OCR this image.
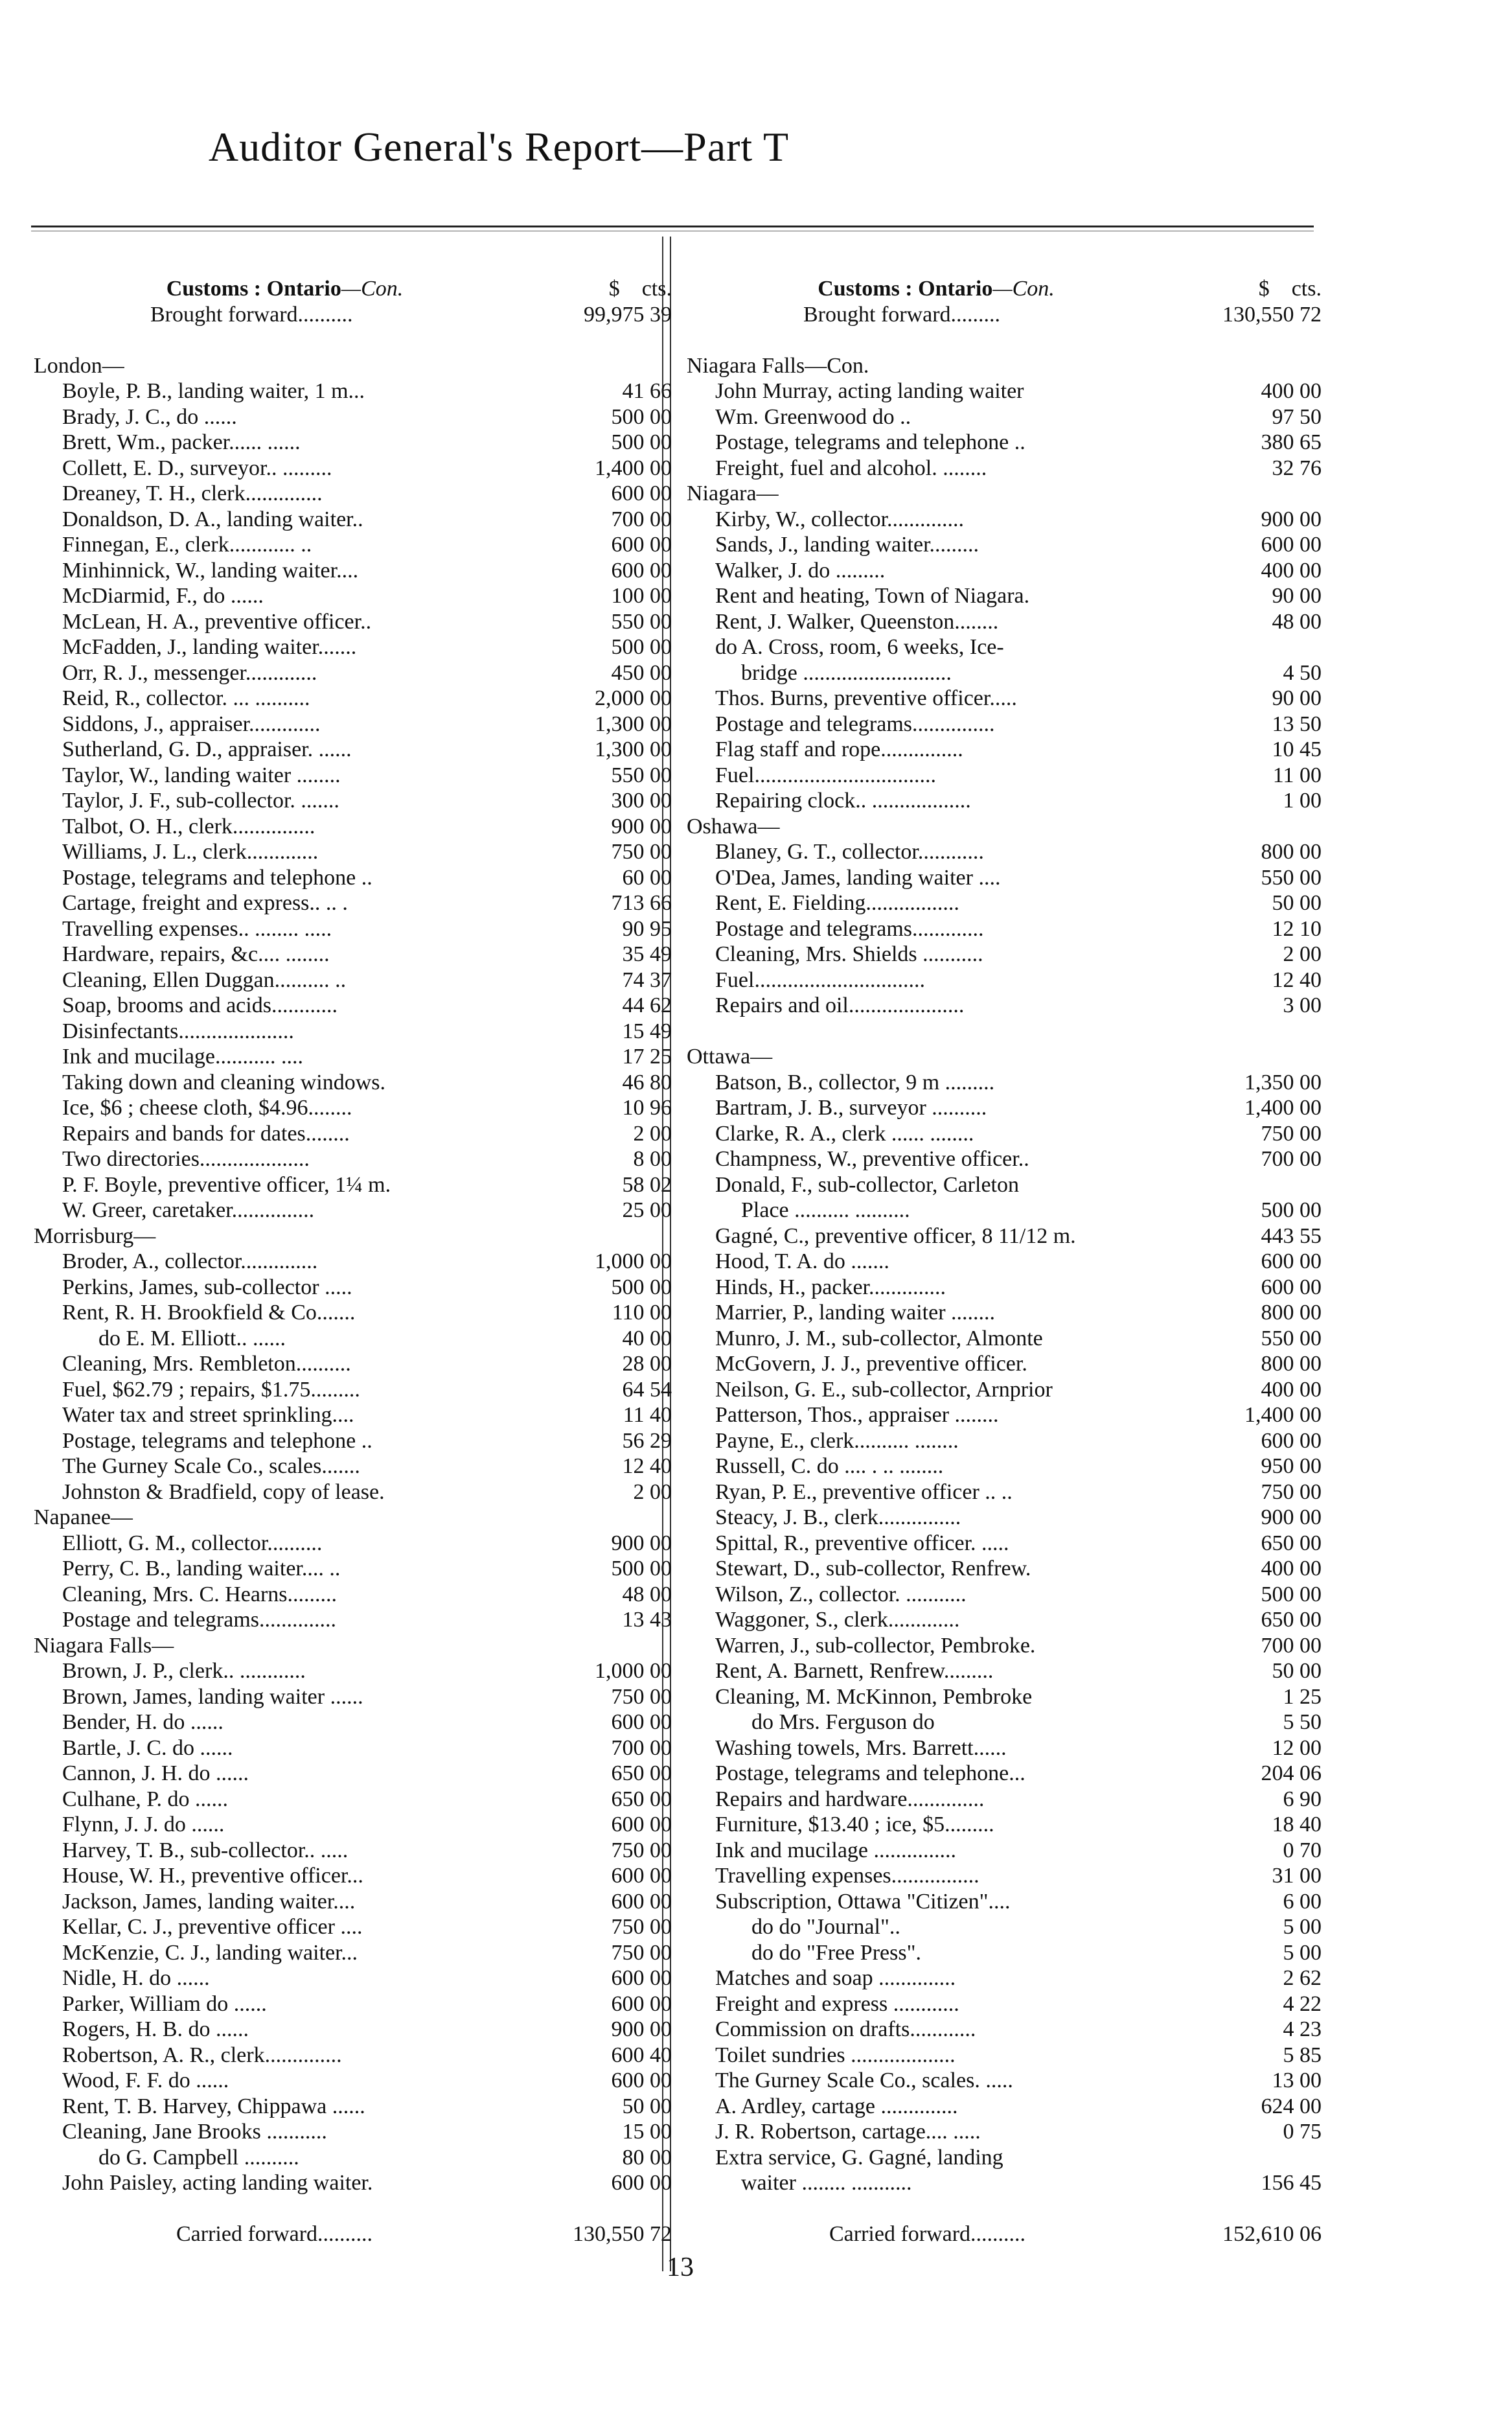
Auditor General's Report—Part T
Customs : Ontario—Con.	$ cts.
Brought forward..........	99,975 39
London—
Boyle, P. B., landing waiter, 1 m...	41 66
Brady, J. C., do ......	500 00
Brett, Wm., packer...... ......	500 00
Collett, E. D., surveyor.. .........	1,400 00
Dreaney, T. H., clerk..............	600 00
Donaldson, D. A., landing waiter..	700 00
Finnegan, E., clerk............ ..	600 00
Minhinnick, W., landing waiter....	600 00
McDiarmid, F., do ......	100 00
McLean, H. A., preventive officer..	550 00
McFadden, J., landing waiter.......	500 00
Orr, R. J., messenger.............	450 00
Reid, R., collector. ... ..........	2,000 00
Siddons, J., appraiser.............	1,300 00
Sutherland, G. D., appraiser. ......	1,300 00
Taylor, W., landing waiter ........	550 00
Taylor, J. F., sub-collector. .......	300 00
Talbot, O. H., clerk...............	900 00
Williams, J. L., clerk.............	750 00
Postage, telegrams and telephone ..	60 00
Cartage, freight and express.. .. .	713 66
Travelling expenses.. ........ .....	90 95
Hardware, repairs, &c.... ........	35 49
Cleaning, Ellen Duggan.......... ..	74 37
Soap, brooms and acids............	44 62
Disinfectants.....................	15 49
Ink and mucilage........... ....	17 25
Taking down and cleaning windows.	46 80
Ice, $6 ; cheese cloth, $4.96........	10 96
Repairs and bands for dates........	2 00
Two directories....................	8 00
P. F. Boyle, preventive officer, 1¼ m.	58 02
W. Greer, caretaker...............	25 00
Morrisburg—
Broder, A., collector..............	1,000 00
Perkins, James, sub-collector .....	500 00
Rent, R. H. Brookfield & Co.......	110 00
do E. M. Elliott.. ......	40 00
Cleaning, Mrs. Rembleton..........	28 00
Fuel, $62.79 ; repairs, $1.75.........	64 54
Water tax and street sprinkling....	11 40
Postage, telegrams and telephone ..	56 29
The Gurney Scale Co., scales.......	12 40
Johnston & Bradfield, copy of lease.	2 00
Napanee—
Elliott, G. M., collector..........	900 00
Perry, C. B., landing waiter.... ..	500 00
Cleaning, Mrs. C. Hearns.........	48 00
Postage and telegrams..............	13 43
Niagara Falls—
Brown, J. P., clerk.. ............	1,000 00
Brown, James, landing waiter ......	750 00
Bender, H. do ......	600 00
Bartle, J. C. do ......	700 00
Cannon, J. H. do ......	650 00
Culhane, P. do ......	650 00
Flynn, J. J. do ......	600 00
Harvey, T. B., sub-collector.. .....	750 00
House, W. H., preventive officer...	600 00
Jackson, James, landing waiter....	600 00
Kellar, C. J., preventive officer ....	750 00
McKenzie, C. J., landing waiter...	750 00
Nidle, H. do ......	600 00
Parker, William do ......	600 00
Rogers, H. B. do ......	900 00
Robertson, A. R., clerk..............	600 40
Wood, F. F. do ......	600 00
Rent, T. B. Harvey, Chippawa ......	50 00
Cleaning, Jane Brooks ...........	15 00
do G. Campbell ..........	80 00
John Paisley, acting landing waiter.	600 00
Carried forward..........	130,550 72
Customs : Ontario—Con.	$ cts.
Brought forward.........	130,550 72
Niagara Falls—Con.
John Murray, acting landing waiter	400 00
Wm. Greenwood do ..	97 50
Postage, telegrams and telephone ..	380 65
Freight, fuel and alcohol. ........	32 76
Niagara—
Kirby, W., collector..............	900 00
Sands, J., landing waiter.........	600 00
Walker, J. do .........	400 00
Rent and heating, Town of Niagara.	90 00
Rent, J. Walker, Queenston........	48 00
do A. Cross, room, 6 weeks, Ice-
bridge ...........................	4 50
Thos. Burns, preventive officer.....	90 00
Postage and telegrams...............	13 50
Flag staff and rope...............	10 45
Fuel.................................	11 00
Repairing clock.. ..................	1 00
Oshawa—
Blaney, G. T., collector............	800 00
O'Dea, James, landing waiter ....	550 00
Rent, E. Fielding.................	50 00
Postage and telegrams.............	12 10
Cleaning, Mrs. Shields ...........	2 00
Fuel...............................	12 40
Repairs and oil.....................	3 00
Ottawa—
Batson, B., collector, 9 m .........	1,350 00
Bartram, J. B., surveyor ..........	1,400 00
Clarke, R. A., clerk ...... ........	750 00
Champness, W., preventive officer..	700 00
Donald, F., sub-collector, Carleton
Place .......... ..........	500 00
Gagné, C., preventive officer, 8 11/12 m.	443 55
Hood, T. A. do .......	600 00
Hinds, H., packer..............	600 00
Marrier, P., landing waiter ........	800 00
Munro, J. M., sub-collector, Almonte	550 00
McGovern, J. J., preventive officer.	800 00
Neilson, G. E., sub-collector, Arnprior	400 00
Patterson, Thos., appraiser ........	1,400 00
Payne, E., clerk.......... ........	600 00
Russell, C. do .... . .. ........	950 00
Ryan, P. E., preventive officer .. ..	750 00
Steacy, J. B., clerk...............	900 00
Spittal, R., preventive officer. .....	650 00
Stewart, D., sub-collector, Renfrew.	400 00
Wilson, Z., collector. ...........	500 00
Waggoner, S., clerk.............	650 00
Warren, J., sub-collector, Pembroke.	700 00
Rent, A. Barnett, Renfrew.........	50 00
Cleaning, M. McKinnon, Pembroke	1 25
do Mrs. Ferguson do	5 50
Washing towels, Mrs. Barrett......	12 00
Postage, telegrams and telephone...	204 06
Repairs and hardware..............	6 90
Furniture, $13.40 ; ice, $5.........	18 40
Ink and mucilage ...............	0 70
Travelling expenses................	31 00
Subscription, Ottawa "Citizen"....	6 00
do do "Journal"..	5 00
do do "Free Press".	5 00
Matches and soap ..............	2 62
Freight and express ............	4 22
Commission on drafts............	4 23
Toilet sundries ...................	5 85
The Gurney Scale Co., scales. .....	13 00
A. Ardley, cartage ..............	624 00
J. R. Robertson, cartage.... .....	0 75
Extra service, G. Gagné, landing
waiter ........ ...........	156 45
Carried forward..........	152,610 06
13
